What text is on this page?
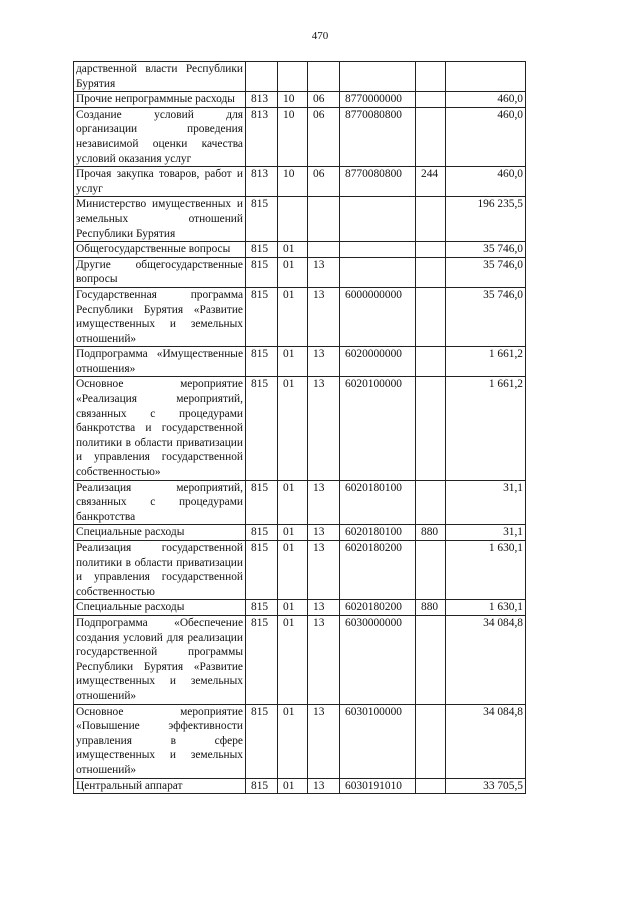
470
дарственной власти Республики Бурятия						
Прочие непрограммные расходы	813	10	06	8770000000		460,0
Создание условий для организации проведения независимой оценки качества условий оказания услуг	813	10	06	8770080800		460,0
Прочая закупка товаров, работ и услуг	813	10	06	8770080800	244	460,0
Министерство имущественных и земельных отношений Республики Бурятия	815					196 235,5
Общегосударственные вопросы	815	01				35 746,0
Другие общегосударственные вопросы	815	01	13			35 746,0
Государственная программа Республики Бурятия «Развитие имущественных и земельных отношений»	815	01	13	6000000000		35 746,0
Подпрограмма «Имущественные отношения»	815	01	13	6020000000		1 661,2
Основное мероприятие «Реализация мероприятий, связанных с процедурами банкротства и государственной политики в области приватизации и управления государственной собственностью»	815	01	13	6020100000		1 661,2
Реализация мероприятий, связанных с процедурами банкротства	815	01	13	6020180100		31,1
Специальные расходы	815	01	13	6020180100	880	31,1
Реализация государственной политики в области приватизации и управления государственной собственностью	815	01	13	6020180200		1 630,1
Специальные расходы	815	01	13	6020180200	880	1 630,1
Подпрограмма «Обеспечение создания условий для реализации государственной программы Республики Бурятия «Развитие имущественных и земельных отношений»	815	01	13	6030000000		34 084,8
Основное мероприятие «Повышение эффективности управления в сфере имущественных и земельных отношений»	815	01	13	6030100000		34 084,8
Центральный аппарат	815	01	13	6030191010		33 705,5
